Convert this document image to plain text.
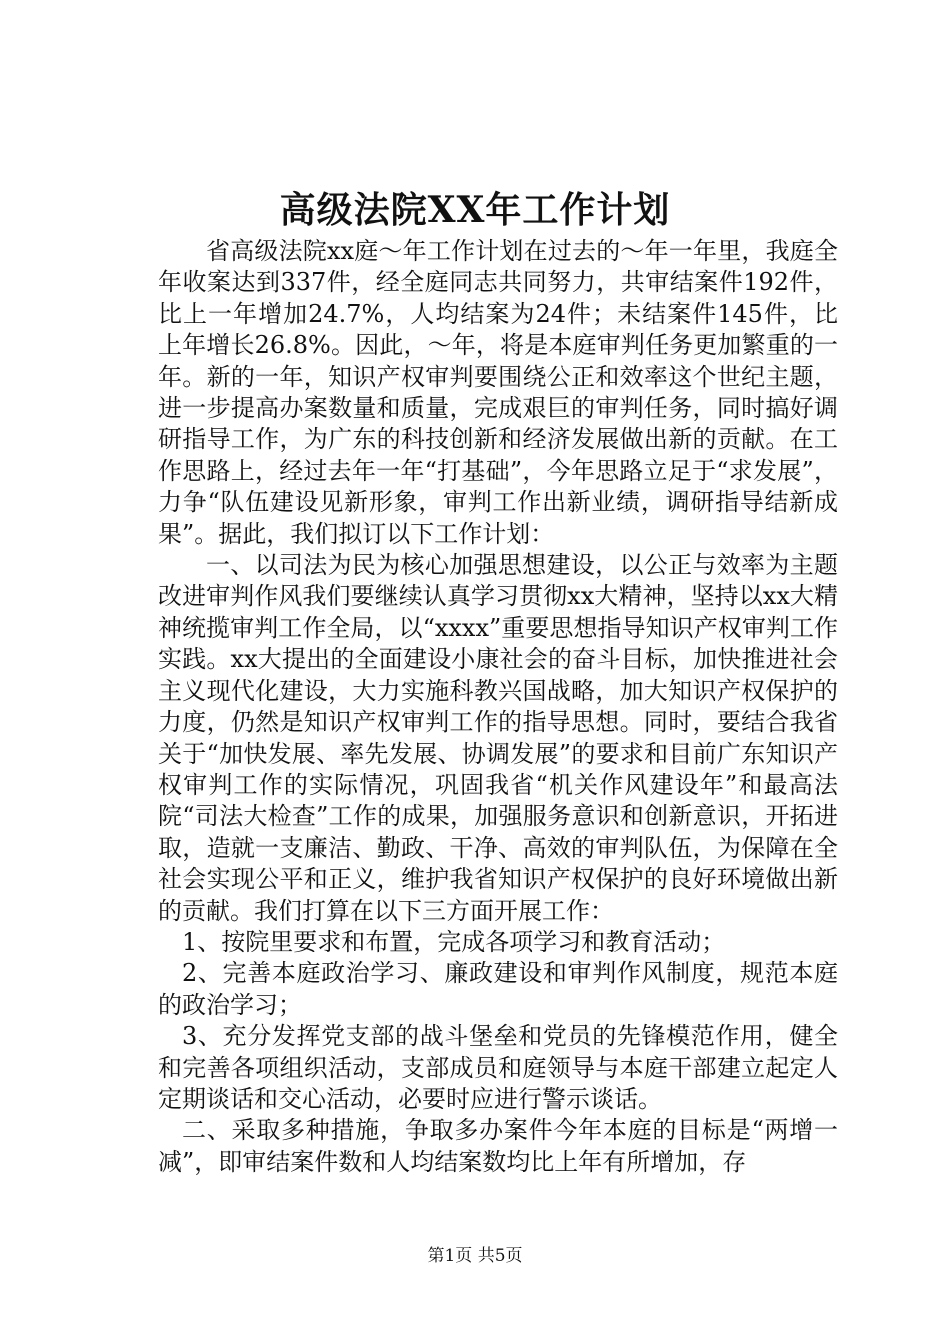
高级法院XX年工作计划

省高级法院xx庭～年工作计划在过去的～年一年里，我庭全年收案达到337件，经全庭同志共同努力，共审结案件192件，比上一年增加24.7%，人均结案为24件；未结案件145件，比上年增长26.8%。因此，～年，将是本庭审判任务更加繁重的一年。新的一年，知识产权审判要围绕公正和效率这个世纪主题，进一步提高办案数量和质量，完成艰巨的审判任务，同时搞好调研指导工作，为广东的科技创新和经济发展做出新的贡献。在工作思路上，经过去年一年“打基础”，今年思路立足于“求发展”，力争“队伍建设见新形象，审判工作出新业绩，调研指导结新成果”。据此，我们拟订以下工作计划：

一、以司法为民为核心加强思想建设，以公正与效率为主题改进审判作风我们要继续认真学习贯彻xx大精神，坚持以xx大精神统揽审判工作全局，以“xxxx”重要思想指导知识产权审判工作实践。xx大提出的全面建设小康社会的奋斗目标，加快推进社会主义现代化建设，大力实施科教兴国战略，加大知识产权保护的力度，仍然是知识产权审判工作的指导思想。同时，要结合我省关于“加快发展、率先发展、协调发展”的要求和目前广东知识产权审判工作的实际情况，巩固我省“机关作风建设年”和最高法院“司法大检查”工作的成果，加强服务意识和创新意识，开拓进取，造就一支廉洁、勤政、干净、高效的审判队伍，为保障在全社会实现公平和正义，维护我省知识产权保护的良好环境做出新的贡献。我们打算在以下三方面开展工作：

1、按院里要求和布置，完成各项学习和教育活动；

2、完善本庭政治学习、廉政建设和审判作风制度，规范本庭的政治学习；

3、充分发挥党支部的战斗堡垒和党员的先锋模范作用，健全和完善各项组织活动，支部成员和庭领导与本庭干部建立起定人定期谈话和交心活动，必要时应进行警示谈话。

二、采取多种措施，争取多办案件今年本庭的目标是“两增一减”，即审结案件数和人均结案数均比上年有所增加，存

第1页 共5页
